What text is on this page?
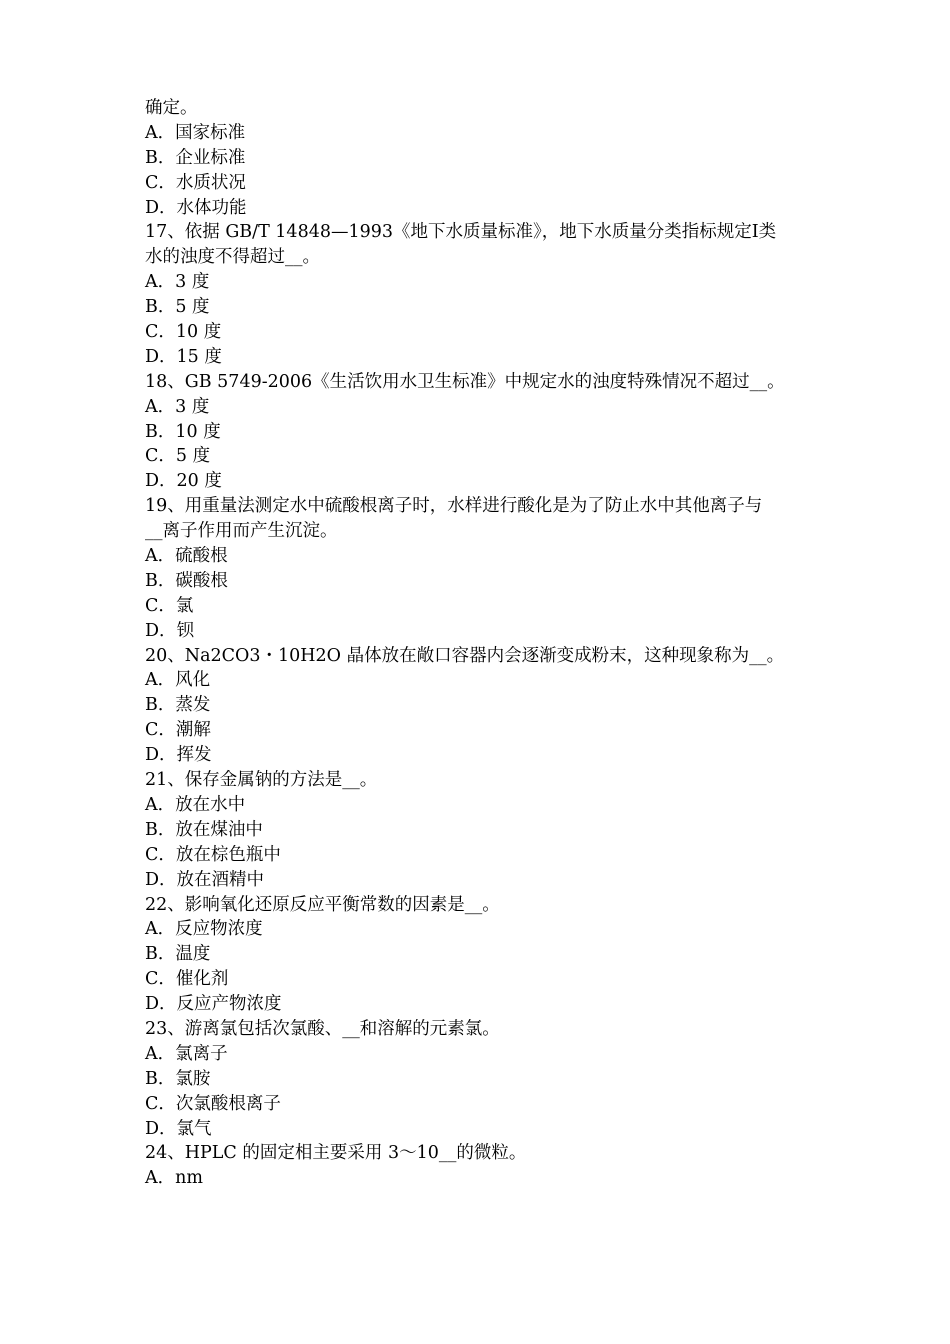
确定。
A．国家标准
B．企业标准
C．水质状况
D．水体功能
17、依据 GB/T 14848—1993《地下水质量标准》，地下水质量分类指标规定Ⅰ类
水的浊度不得超过__。
A．3 度
B．5 度
C．10 度
D．15 度
18、GB 5749-2006《生活饮用水卫生标准》中规定水的浊度特殊情况不超过__。
A．3 度
B．10 度
C．5 度
D．20 度
19、用重量法测定水中硫酸根离子时，水样进行酸化是为了防止水中其他离子与
__离子作用而产生沉淀。
A．硫酸根
B．碳酸根
C．氯
D．钡
20、Na2CO3・10H2O 晶体放在敞口容器内会逐渐变成粉末，这种现象称为__。
A．风化
B．蒸发
C．潮解
D．挥发
21、保存金属钠的方法是__。
A．放在水中
B．放在煤油中
C．放在棕色瓶中
D．放在酒精中
22、影响氧化还原反应平衡常数的因素是__。
A．反应物浓度
B．温度
C．催化剂
D．反应产物浓度
23、游离氯包括次氯酸、__和溶解的元素氯。
A．氯离子
B．氯胺
C．次氯酸根离子
D．氯气
24、HPLC 的固定相主要采用 3～10__的微粒。
A．nm
